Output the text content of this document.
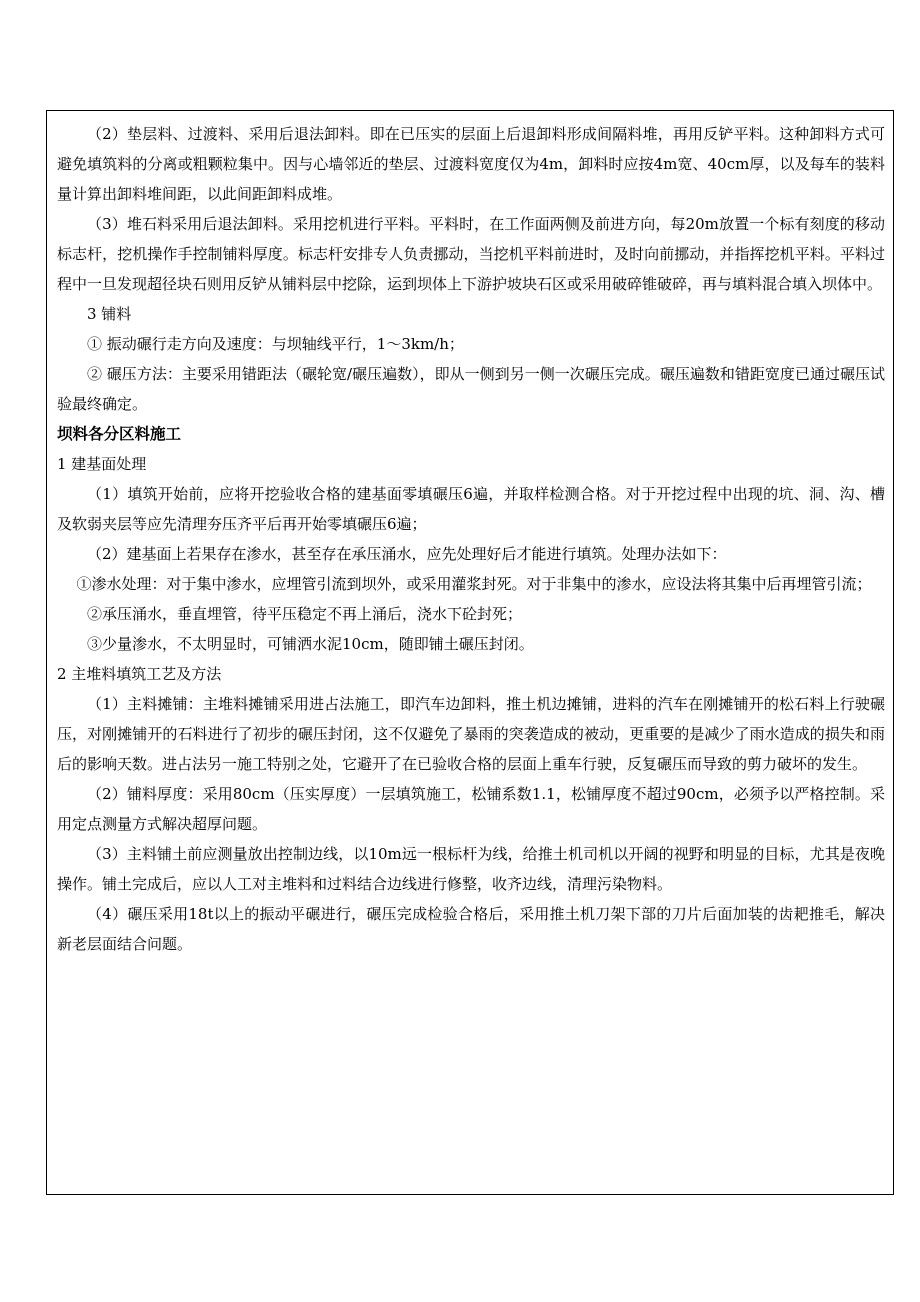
（2）垫层料、过渡料、采用后退法卸料。即在已压实的层面上后退卸料形成间隔料堆，再用反铲平料。这种卸料方式可避免填筑料的分离或粗颗粒集中。因与心墙邻近的垫层、过渡料宽度仅为4m，卸料时应按4m宽、40cm厚，以及每车的装料量计算出卸料堆间距，以此间距卸料成堆。

（3）堆石料采用后退法卸料。采用挖机进行平料。平料时，在工作面两侧及前进方向，每20m放置一个标有刻度的移动标志杆，挖机操作手控制铺料厚度。标志杆安排专人负责挪动，当挖机平料前进时，及时向前挪动，并指挥挖机平料。平料过程中一旦发现超径块石则用反铲从铺料层中挖除，运到坝体上下游护坡块石区或采用破碎锥破碎，再与填料混合填入坝体中。

3 铺料

① 振动碾行走方向及速度：与坝轴线平行，1～3km/h；

② 碾压方法：主要采用错距法（碾轮宽/碾压遍数），即从一侧到另一侧一次碾压完成。碾压遍数和错距宽度已通过碾压试验最终确定。

坝料各分区料施工

1 建基面处理

（1）填筑开始前，应将开挖验收合格的建基面零填碾压6遍，并取样检测合格。对于开挖过程中出现的坑、洞、沟、槽及软弱夹层等应先清理夯压齐平后再开始零填碾压6遍；

（2）建基面上若果存在渗水，甚至存在承压涌水，应先处理好后才能进行填筑。处理办法如下：

①渗水处理：对于集中渗水，应埋管引流到坝外，或采用灌浆封死。对于非集中的渗水，应设法将其集中后再埋管引流；

②承压涌水，垂直埋管，待平压稳定不再上涌后，浇水下砼封死；

③少量渗水，不太明显时，可铺洒水泥10cm，随即铺土碾压封闭。

2 主堆料填筑工艺及方法

（1）主料摊铺：主堆料摊铺采用进占法施工，即汽车边卸料，推土机边摊铺，进料的汽车在刚摊铺开的松石料上行驶碾压，对刚摊铺开的石料进行了初步的碾压封闭，这不仅避免了暴雨的突袭造成的被动，更重要的是减少了雨水造成的损失和雨后的影响天数。进占法另一施工特别之处，它避开了在已验收合格的层面上重车行驶，反复碾压而导致的剪力破坏的发生。

（2）铺料厚度：采用80cm（压实厚度）一层填筑施工，松铺系数1.1，松铺厚度不超过90cm，必须予以严格控制。采用定点测量方式解决超厚问题。

（3）主料铺土前应测量放出控制边线，以10m远一根标杆为线，给推土机司机以开阔的视野和明显的目标，尤其是夜晚操作。铺土完成后，应以人工对主堆料和过料结合边线进行修整，收齐边线，清理污染物料。

（4）碾压采用18t以上的振动平碾进行，碾压完成检验合格后，采用推土机刀架下部的刀片后面加装的齿耙推毛，解决新老层面结合问题。
